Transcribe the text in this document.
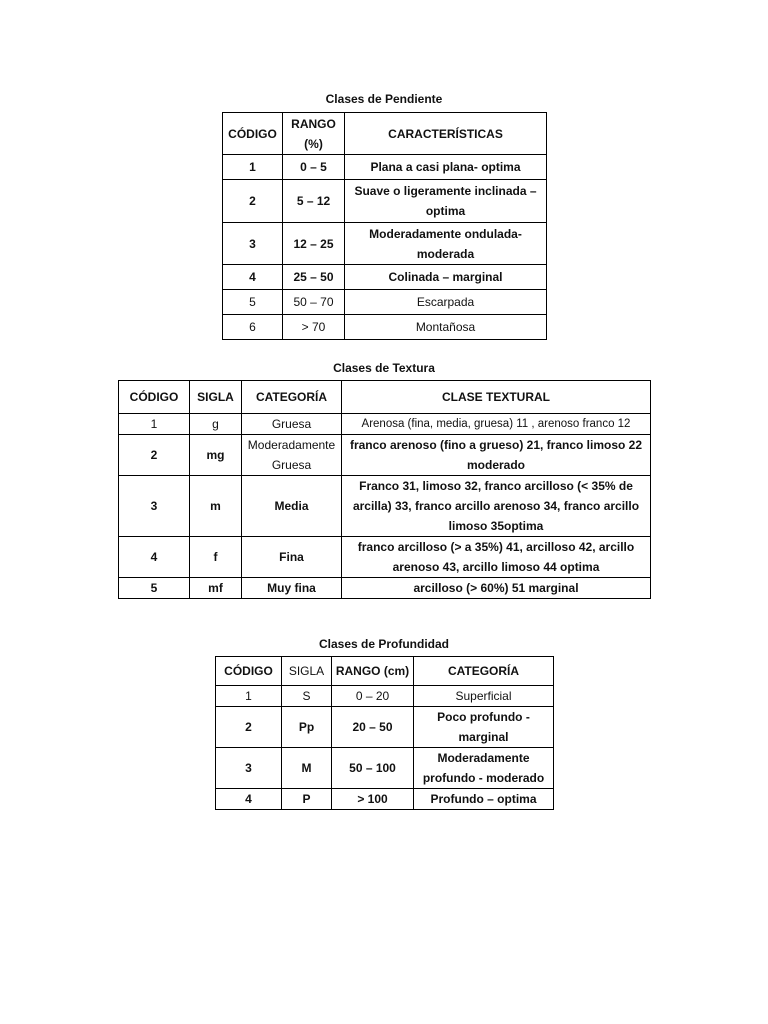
Clases de Pendiente
CÓDIGO	RANGO (%)	CARACTERÍSTICAS
1	0 – 5	Plana a casi plana- optima
2	5 – 12	Suave o ligeramente inclinada – optima
3	12 – 25	Moderadamente ondulada- moderada
4	25 – 50	Colinada – marginal
5	50 – 70	Escarpada
6	> 70	Montañosa
Clases de Textura
CÓDIGO	SIGLA	CATEGORÍA	CLASE TEXTURAL
1	g	Gruesa	Arenosa (fina, media, gruesa) 11 , arenoso franco 12
2	mg	Moderadamente Gruesa	franco arenoso (fino a grueso) 21, franco limoso 22 moderado
3	m	Media	Franco 31, limoso 32, franco arcilloso (< 35% de arcilla) 33, franco arcillo arenoso 34, franco arcillo limoso 35optima
4	f	Fina	franco arcilloso (> a 35%) 41, arcilloso 42, arcillo arenoso 43, arcillo limoso 44 optima
5	mf	Muy fina	arcilloso (> 60%) 51 marginal
Clases de Profundidad
CÓDIGO	SIGLA	RANGO (cm)	CATEGORÍA
1	S	0 – 20	Superficial
2	Pp	20 – 50	Poco profundo - marginal
3	M	50 – 100	Moderadamente profundo - moderado
4	P	> 100	Profundo – optima
